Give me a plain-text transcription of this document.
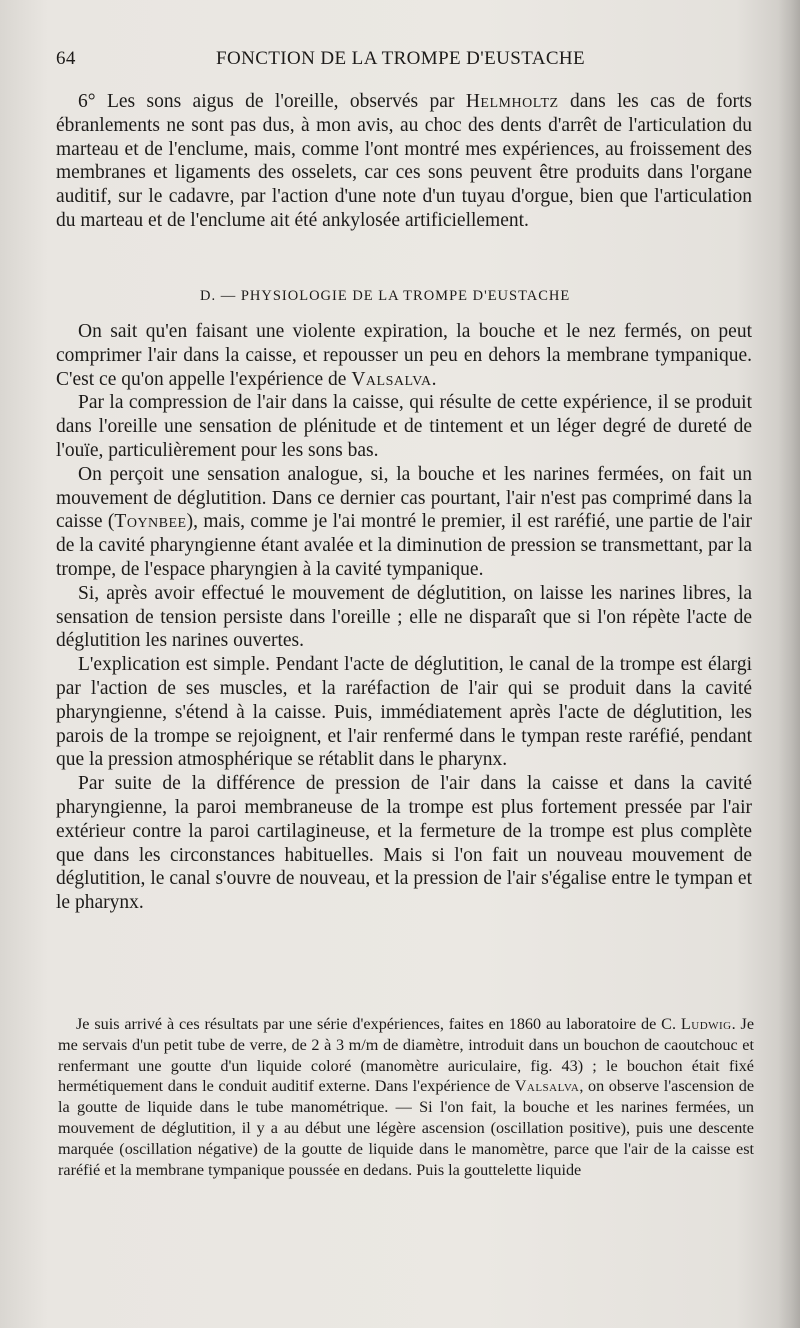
64	FONCTION DE LA TROMPE D'EUSTACHE

6° Les sons aigus de l'oreille, observés par Helmholtz dans les cas de forts ébranlements ne sont pas dus, à mon avis, au choc des dents d'arrêt de l'articulation du marteau et de l'enclume, mais, comme l'ont montré mes expériences, au froissement des membranes et ligaments des osselets, car ces sons peuvent être produits dans l'organe auditif, sur le cadavre, par l'action d'une note d'un tuyau d'orgue, bien que l'articulation du marteau et de l'enclume ait été ankylosée artificiellement.

D. — PHYSIOLOGIE DE LA TROMPE D'EUSTACHE

On sait qu'en faisant une violente expiration, la bouche et le nez fermés, on peut comprimer l'air dans la caisse, et repousser un peu en dehors la membrane tympanique. C'est ce qu'on appelle l'expérience de Valsalva.

Par la compression de l'air dans la caisse, qui résulte de cette expérience, il se produit dans l'oreille une sensation de plénitude et de tintement et un léger degré de dureté de l'ouïe, particulièrement pour les sons bas.

On perçoit une sensation analogue, si, la bouche et les narines fermées, on fait un mouvement de déglutition. Dans ce dernier cas pourtant, l'air n'est pas comprimé dans la caisse (Toynbee), mais, comme je l'ai montré le premier, il est raréfié, une partie de l'air de la cavité pharyngienne étant avalée et la diminution de pression se transmettant, par la trompe, de l'espace pharyngien à la cavité tympanique.

Si, après avoir effectué le mouvement de déglutition, on laisse les narines libres, la sensation de tension persiste dans l'oreille ; elle ne disparaît que si l'on répète l'acte de déglutition les narines ouvertes.

L'explication est simple. Pendant l'acte de déglutition, le canal de la trompe est élargi par l'action de ses muscles, et la raréfaction de l'air qui se produit dans la cavité pharyngienne, s'étend à la caisse. Puis, immédiatement après l'acte de déglutition, les parois de la trompe se rejoignent, et l'air renfermé dans le tympan reste raréfié, pendant que la pression atmosphérique se rétablit dans le pharynx.

Par suite de la différence de pression de l'air dans la caisse et dans la cavité pharyngienne, la paroi membraneuse de la trompe est plus fortement pressée par l'air extérieur contre la paroi cartilagineuse, et la fermeture de la trompe est plus complète que dans les circonstances habituelles. Mais si l'on fait un nouveau mouvement de déglutition, le canal s'ouvre de nouveau, et la pression de l'air s'égalise entre le tympan et le pharynx.

Je suis arrivé à ces résultats par une série d'expériences, faites en 1860 au laboratoire de C. Ludwig. Je me servais d'un petit tube de verre, de 2 à 3 m/m de diamètre, introduit dans un bouchon de caoutchouc et renfermant une goutte d'un liquide coloré (manomètre auriculaire, fig. 43) ; le bouchon était fixé hermétiquement dans le conduit auditif externe. Dans l'expérience de Valsalva, on observe l'ascension de la goutte de liquide dans le tube manométrique. — Si l'on fait, la bouche et les narines fermées, un mouvement de déglutition, il y a au début une légère ascension (oscillation positive), puis une descente marquée (oscillation négative) de la goutte de liquide dans le manomètre, parce que l'air de la caisse est raréfié et la membrane tympanique poussée en dedans. Puis la gouttelette liquide
